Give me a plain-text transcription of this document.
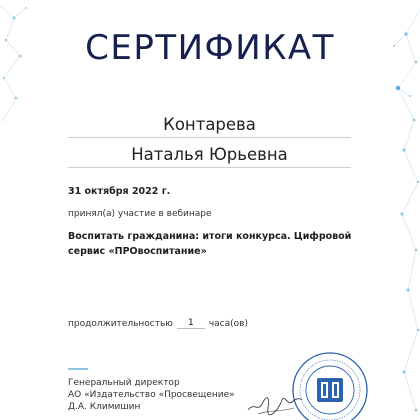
СЕРТИФИКАТ
Контарева
Наталья Юрьевна
31 октября 2022 г.
принял(а) участие в вебинаре
Воспитать гражданина: итоги конкурса. Цифровой сервис «ПРОвоспитание»
продолжительностью	1	часа(ов)
Генеральный директор
АО «Издательство «Просвещение»
Д.А. Климишин
